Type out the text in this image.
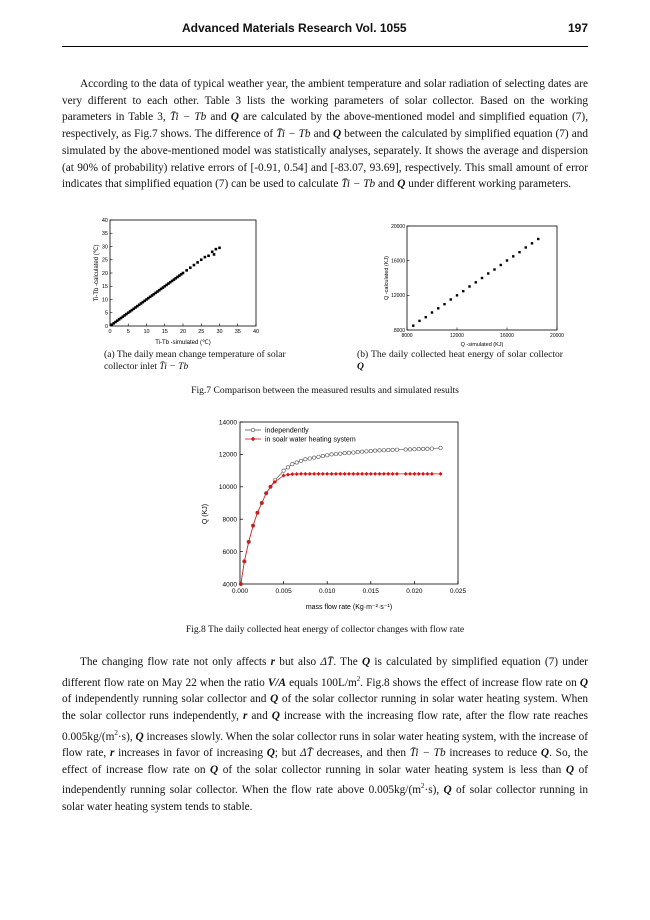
Advanced Materials Research Vol. 1055	197

According to the data of typical weather year, the ambient temperature and solar radiation of selecting dates are very different to each other. Table 3 lists the working parameters of solar collector. Based on the working parameters in Table 3, T̄i − Tb and Q are calculated by the above-mentioned model and simplified equation (7), respectively, as Fig.7 shows. The difference of T̄i − Tb and Q between the calculated by simplified equation (7) and simulated by the above-mentioned model was statistically analyses, separately. It shows the average and dispersion (at 90% of probability) relative errors of [-0.91, 0.54] and [-83.07, 93.69], respectively. This small amount of error indicates that simplified equation (7) can be used to calculate T̄i − Tb and Q under different working parameters.

Ti-Tb -simulated (℃)
Ti-Tb -calculated (℃)
0	5 10 15 20 25 30 35 40
0
5
10
15
20
25
30
35
40
Q -simulated (KJ)
Q -calculated (KJ)
8000	12000	16000	20000
8000
12000
16000
20000
(a) The daily mean change temperature of solar collector inlet T̄i − Tb
(b) The daily collected heat energy of solar collector Q
Fig.7 Comparison between the measured results and simulated results
mass flow rate (Kg·m⁻²·s⁻¹)
Q (KJ)
independently
in soalr water heating system
0.000	0.005	0.010	0.015	0.020	0.025
4000
6000
8000
10000
12000
14000
Fig.8 The daily collected heat energy of collector changes with flow rate

The changing flow rate not only affects r but also ΔT̄. The Q is calculated by simplified equation (7) under different flow rate on May 22 when the ratio V/A equals $100L/m^2$. Fig.8 shows the effect of increase flow rate on Q of independently running solar collector and Q of the solar collector running in solar water heating system. When the solar collector runs independently, r and Q increase with the increasing flow rate, after the flow rate reaches $0.005kg/(m^2\cdot s)$, Q increases slowly. When the solar collector runs in solar water heating system, with the increase of flow rate, r increases in favor of increasing Q; but ΔT̄ decreases, and then T̄i − Tb increases to reduce Q. So, the effect of increase flow rate on Q of the solar collector running in solar water heating system is less than Q of independently running solar collector. When the flow rate above $0.005kg/(m^2\cdot s)$, Q of solar collector running in solar water heating system tends to stable.
